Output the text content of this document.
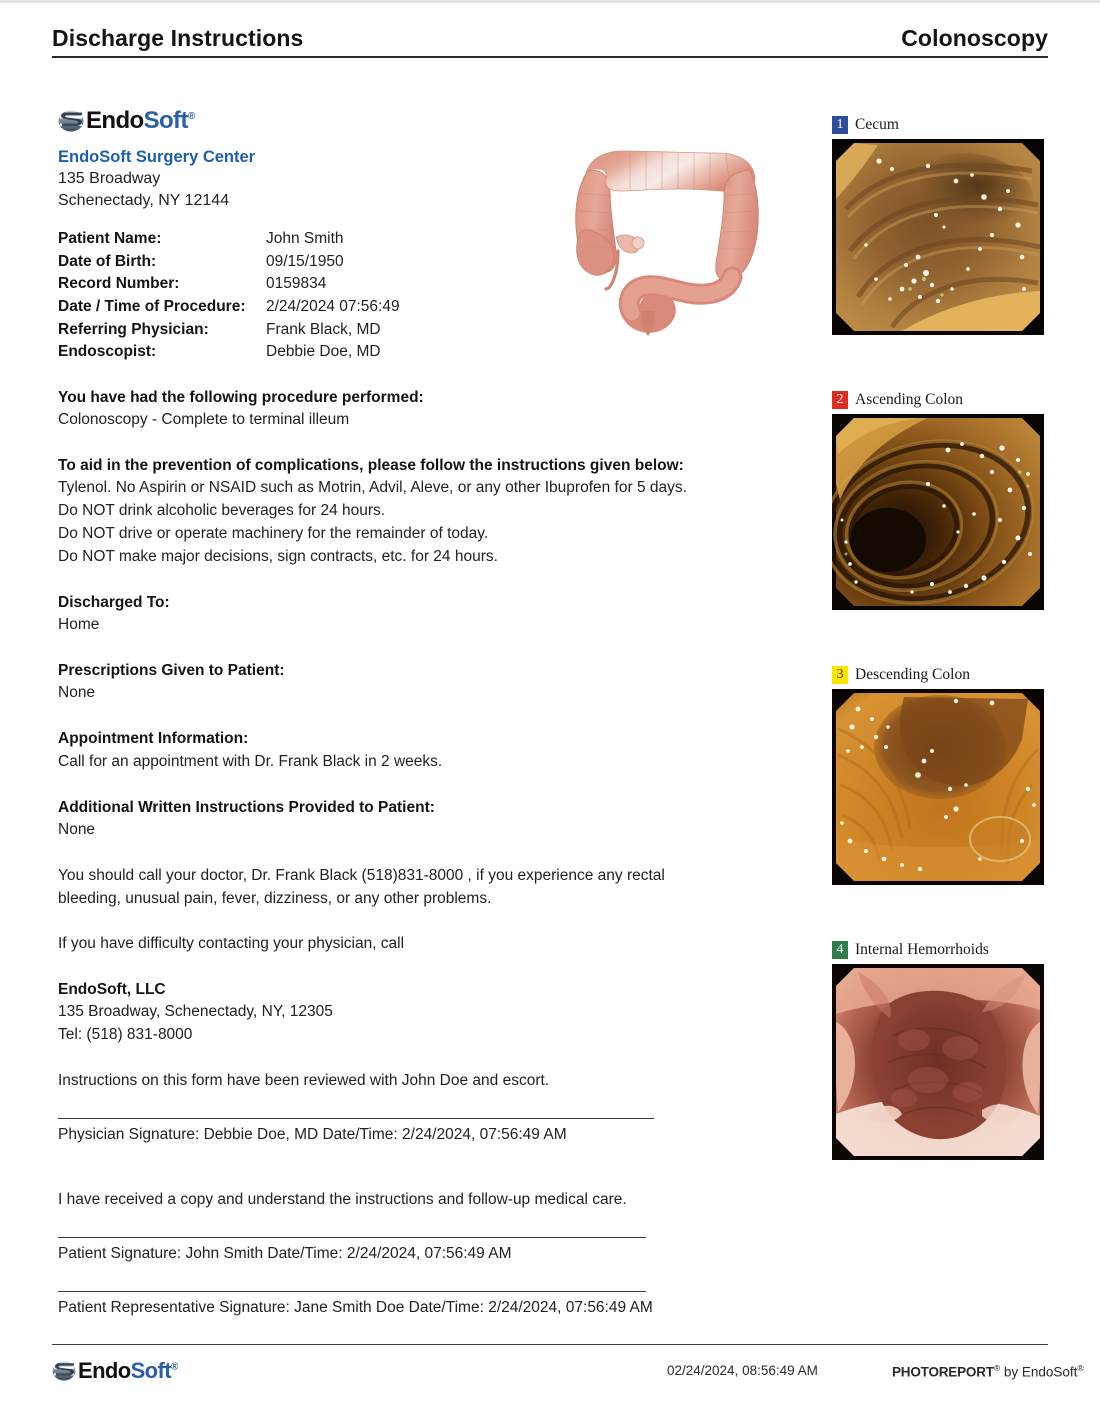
Discharge Instructions	Colonoscopy
EndoSoft®
EndoSoft Surgery Center
135 Broadway
Schenectady, NY 12144
Patient Name:	John Smith
Date of Birth:	09/15/1950
Record Number:	0159834
Date / Time of Procedure:	2/24/2024 07:56:49
Referring Physician:	Frank Black, MD
Endoscopist:	Debbie Doe, MD
You have had the following procedure performed:
Colonoscopy - Complete to terminal illeum
To aid in the prevention of complications, please follow the instructions given below:
Tylenol. No Aspirin or NSAID such as Motrin, Advil, Aleve, or any other Ibuprofen for 5 days.
Do NOT drink alcoholic beverages for 24 hours.
Do NOT drive or operate machinery for the remainder of today.
Do NOT make major decisions, sign contracts, etc. for 24 hours.
Discharged To:
Home
Prescriptions Given to Patient:
None
Appointment Information:
Call for an appointment with Dr. Frank Black in 2 weeks.
Additional Written Instructions Provided to Patient:
None
You should call your doctor, Dr. Frank Black (518)831-8000 , if you experience any rectal bleeding, unusual pain, fever, dizziness, or any other problems.
If you have difficulty contacting your physician, call
EndoSoft, LLC
135 Broadway, Schenectady, NY, 12305
Tel: (518) 831-8000
Instructions on this form have been reviewed with John Doe and escort.
Physician Signature: Debbie Doe, MD Date/Time: 2/24/2024, 07:56:49 AM
I have received a copy and understand the instructions and follow-up medical care.
Patient Signature: John Smith Date/Time: 2/24/2024, 07:56:49 AM
Patient Representative Signature: Jane Smith Doe Date/Time: 2/24/2024, 07:56:49 AM
1 Cecum
2 Ascending Colon
3 Descending Colon
4 Internal Hemorrhoids
EndoSoft®	02/24/2024, 08:56:49 AM	PHOTOREPORT® by EndoSoft®
